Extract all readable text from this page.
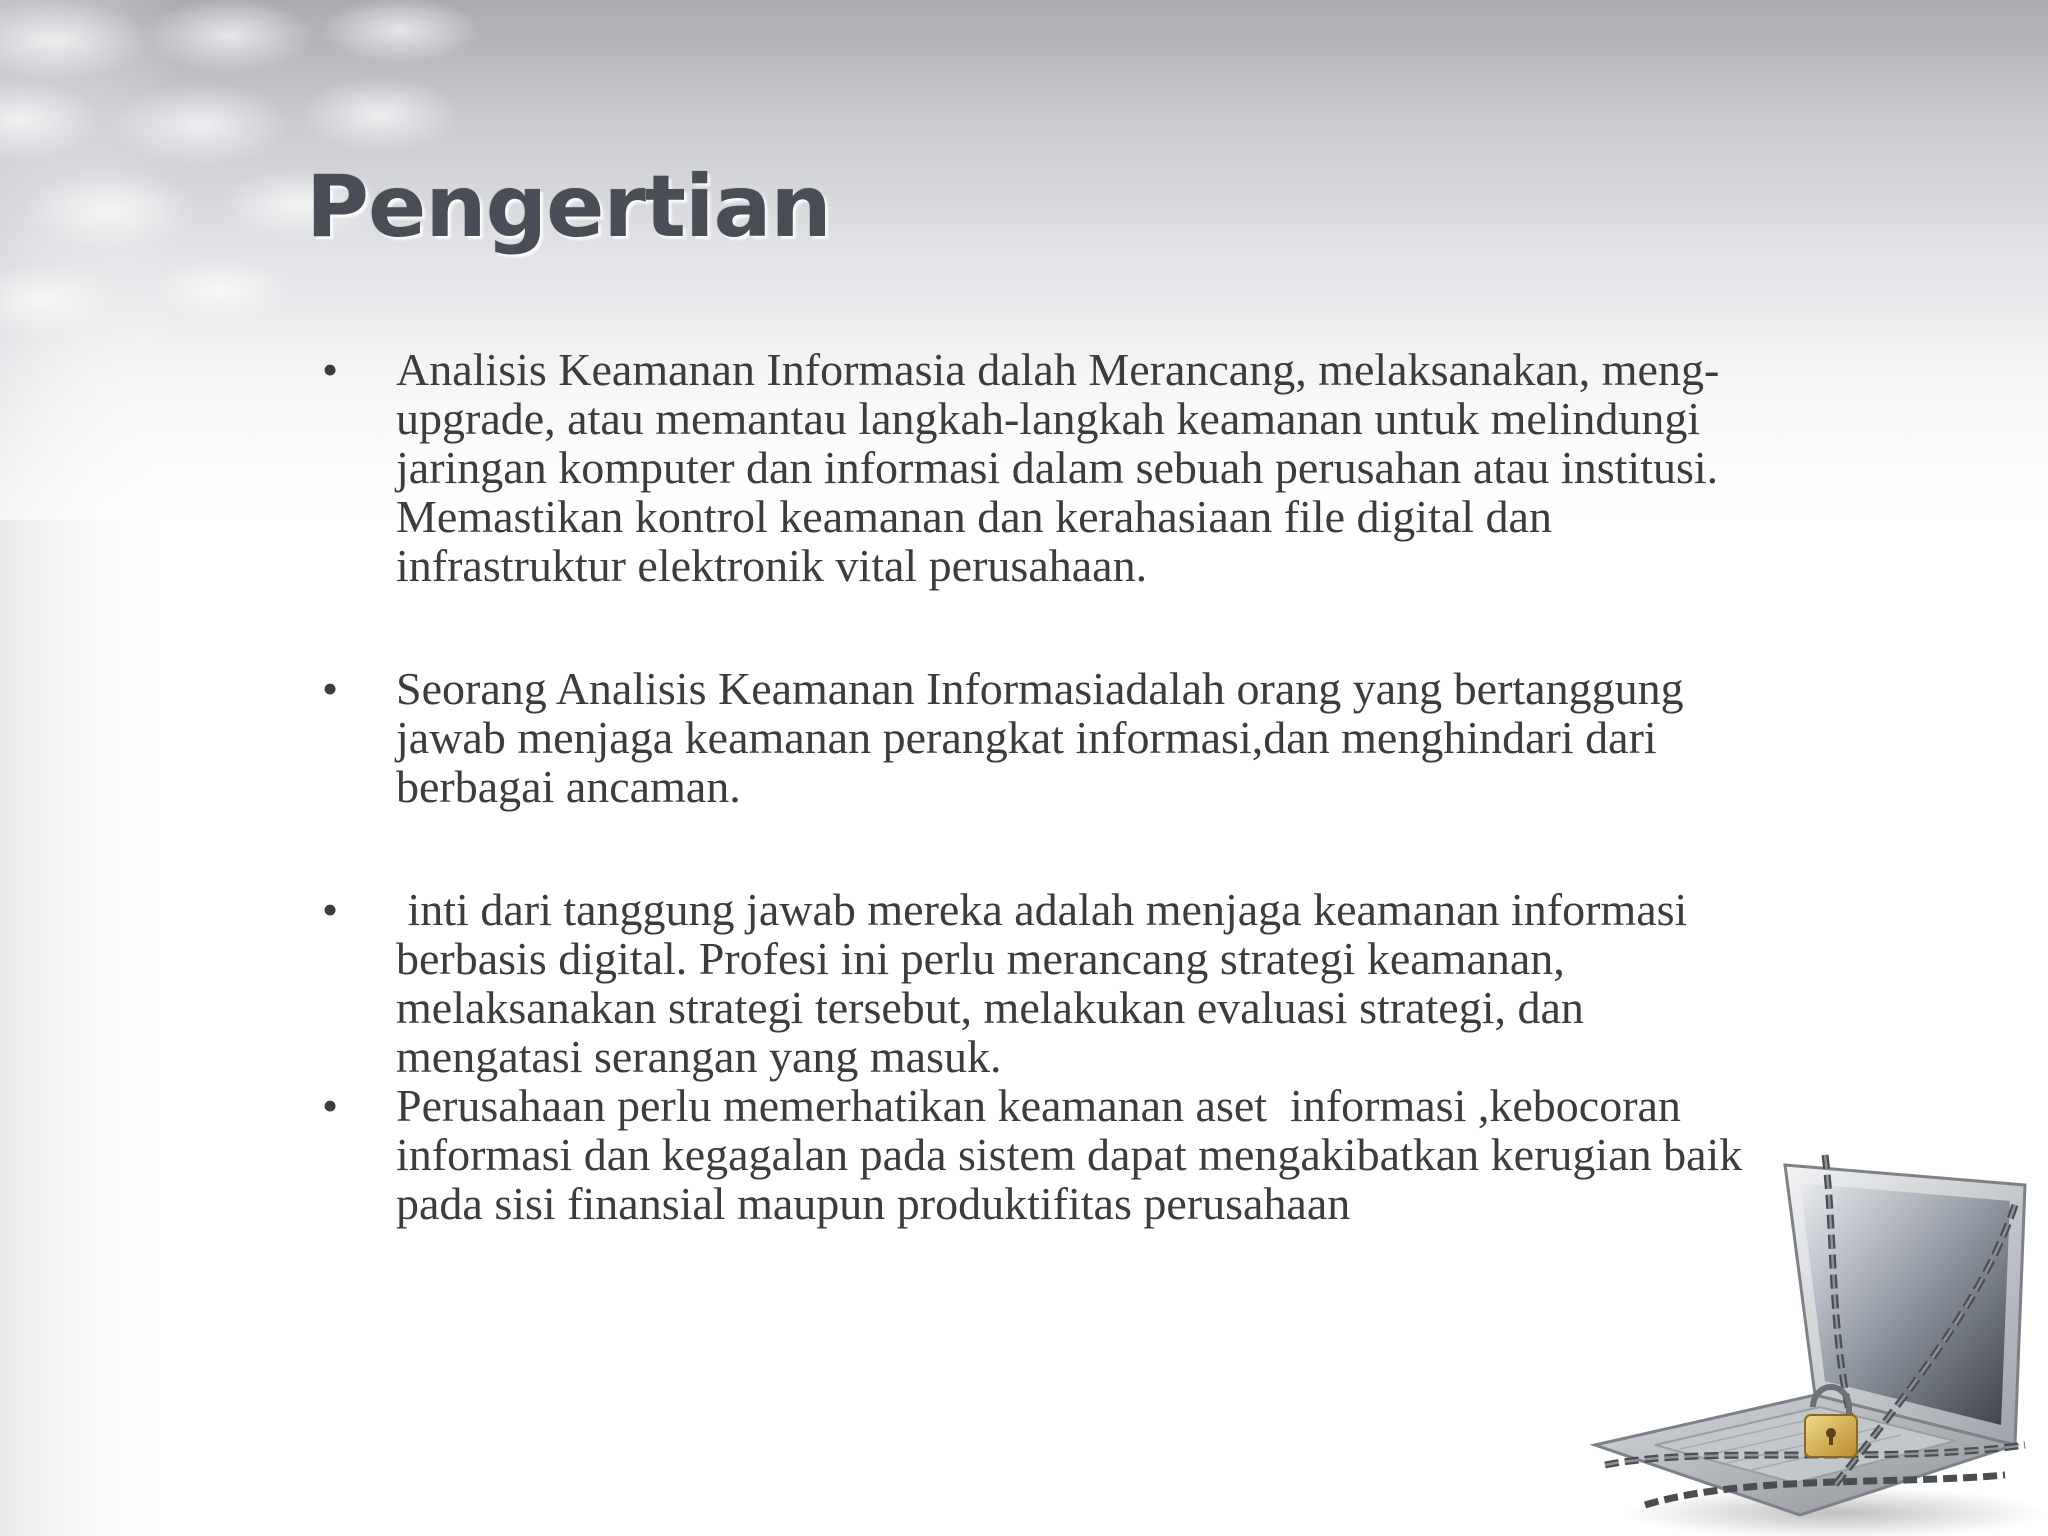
Pengertian
• Analisis Keamanan Informasia dalah Merancang, melaksanakan, meng-upgrade, atau memantau langkah-langkah keamanan untuk melindungi jaringan komputer dan informasi dalam sebuah perusahan atau institusi. Memastikan kontrol keamanan dan kerahasiaan file digital dan infrastruktur elektronik vital perusahaan.
• Seorang Analisis Keamanan Informasiadalah orang yang bertanggung jawab menjaga keamanan perangkat informasi,dan menghindari dari berbagai ancaman.
• inti dari tanggung jawab mereka adalah menjaga keamanan informasi berbasis digital. Profesi ini perlu merancang strategi keamanan, melaksanakan strategi tersebut, melakukan evaluasi strategi, dan mengatasi serangan yang masuk.
• Perusahaan perlu memerhatikan keamanan aset  informasi ,kebocoran informasi dan kegagalan pada sistem dapat mengakibatkan kerugian baik pada sisi finansial maupun produktifitas perusahaan
